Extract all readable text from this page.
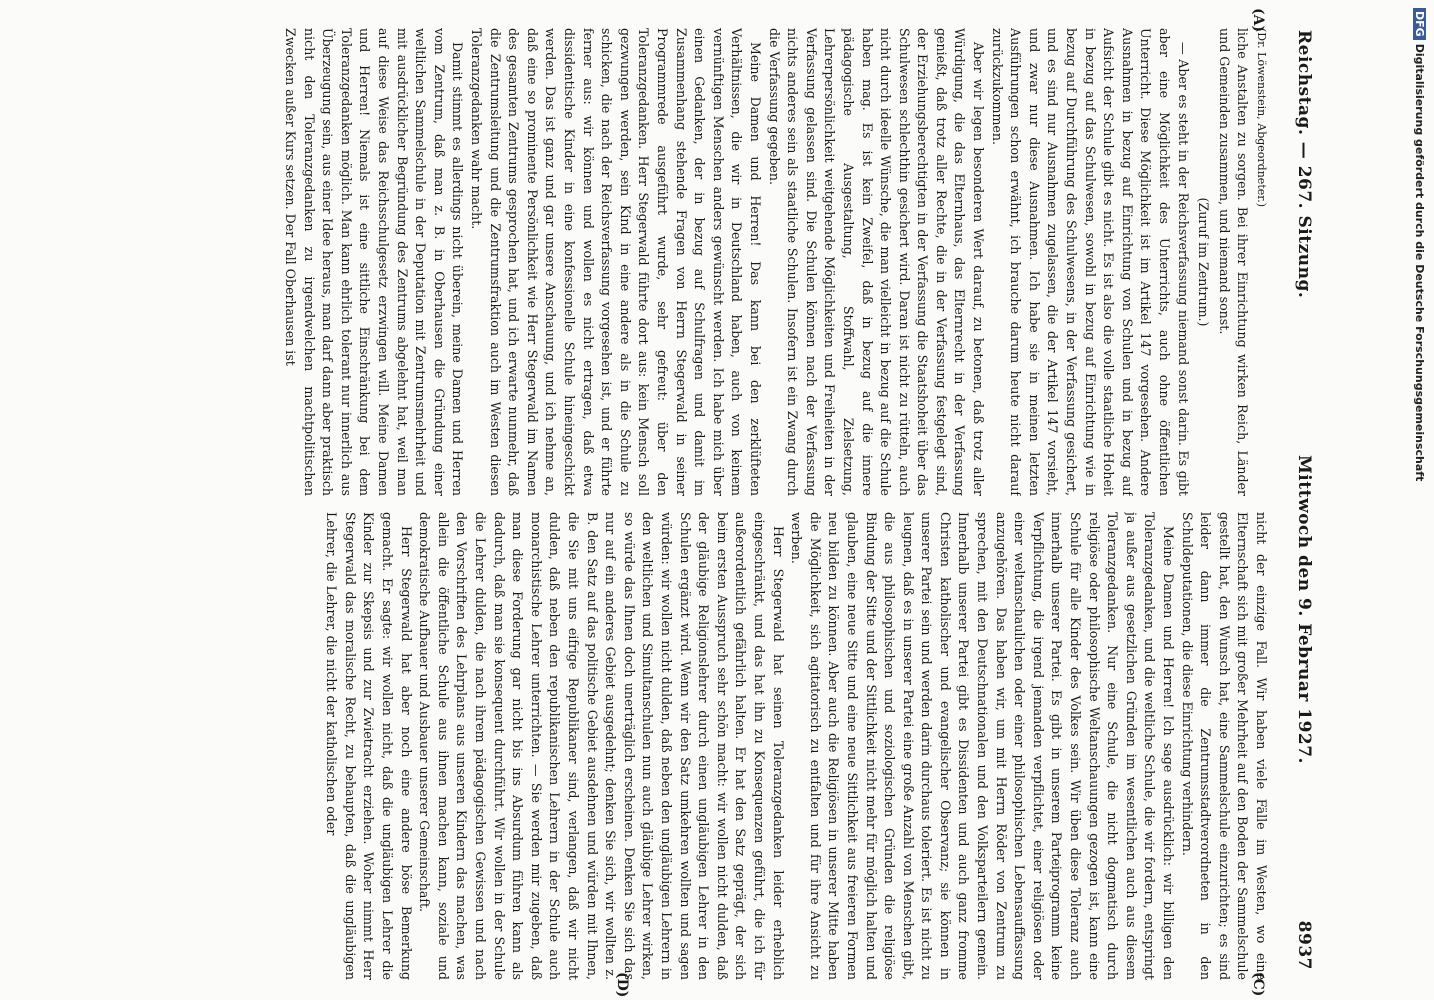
Reichstag. — 267. Sitzung.
Mittwoch den 9. Februar 1927.
8937
(A)
(C)
(D)

(Dr. Löwenstein, Abgeordneter.)

liche Anstalten zu sorgen. Bei ihrer Einrichtung wirken Reich, Länder und Gemeinden zusammen, und niemand sonst.

(Zuruf im Zentrum.)

— Aber es steht in der Reichsverfassung niemand sonst darin. Es gibt aber eine Möglichkeit des Unterrichts, auch ohne öffentlichen Unterricht. Diese Möglichkeit ist im Artikel 147 vorgesehen. Andere Ausnahmen in bezug auf Einrichtung von Schulen und in bezug auf Aufsicht der Schule gibt es nicht. Es ist also die volle staatliche Hoheit in bezug auf das Schulwesen, sowohl in bezug auf Einrichtung wie in bezug auf Durchführung des Schulwesens, in der Verfassung gesichert, und es sind nur Ausnahmen zugelassen, die der Artikel 147 vorsieht, und zwar nur diese Ausnahmen. Ich habe sie in meinen letzten Ausführungen schon erwähnt, ich brauche darum heute nicht darauf zurückzukommen.

Aber wir legen besonderen Wert darauf, zu betonen, daß trotz aller Würdigung, die das Elternhaus, das Elternrecht in der Verfassung genießt, daß trotz aller Rechte, die in der Verfassung festgelegt sind, der Erziehungsberechtigten in der Verfassung die Staatshoheit über das Schulwesen schlechthin gesichert wird. Daran ist nicht zu rütteln, auch nicht durch ideelle Wünsche, die man vielleicht in bezug auf die Schule haben mag. Es ist kein Zweifel, daß in bezug auf die innere pädagogische Ausgestaltung, Stoffwahl, Zielsetzung, Lehrerpersönlichkeit weitgehende Möglichkeiten und Freiheiten in der Verfassung gelassen sind. Die Schulen können nach der Verfassung nichts anderes sein als staatliche Schulen. Insofern ist ein Zwang durch die Verfassung gegeben.

Meine Damen und Herren! Das kann bei den zerklüfteten Verhältnissen, die wir in Deutschland haben, auch von keinem vernünftigen Menschen anders gewünscht werden. Ich habe mich über einen Gedanken, der in bezug auf Schulfragen und damit im Zusammenhang stehende Fragen von Herrn Stegerwald in seiner Programmrede ausgeführt wurde, sehr gefreut: über den Toleranzgedanken. Herr Stegerwald führte dort aus: kein Mensch soll gezwungen werden, sein Kind in eine andere als in die Schule zu schicken, die nach der Reichsverfassung vorgesehen ist, und er führte ferner aus: wir können und wollen es nicht ertragen, daß etwa dissidentische Kinder in eine konfessionelle Schule hineingeschickt werden. Das ist ganz und gar unsere Anschauung, und ich nehme an, daß eine so prominente Persönlichkeit wie Herr Stegerwald im Namen des gesamten Zentrums gesprochen hat, und ich erwarte nunmehr, daß die Zentrumsleitung und die Zentrumsfraktion auch im Westen diesen Toleranzgedanken wahr macht.

Damit stimmt es allerdings nicht überein, meine Damen und Herren vom Zentrum, daß man z. B. in Oberhausen die Gründung einer weltlichen Sammelschule in der Deputation mit Zentrumsmehrheit und mit ausdrücklicher Begründung des Zentrums abgelehnt hat, weil man auf diese Weise das Reichsschulgesetz erzwingen will. Meine Damen und Herren! Niemals ist eine sittliche Einschränkung bei dem Toleranzgedanken möglich. Man kann ehrlich tolerant nur innerlich aus Überzeugung sein, aus einer Idee heraus, man darf dann aber praktisch nicht den Toleranzgedanken zu irgendwelchen machtpolitischen Zwecken außer Kurs setzen. Der Fall Oberhausen ist

nicht der einzige Fall. Wir haben viele Fälle im Westen, wo eine Elternschaft sich mit großer Mehrheit auf den Boden der Sammelschule gestellt hat, den Wunsch hat, eine Sammelschule einzurichten; es sind leider dann immer die Zentrumsstadtverordneten in den Schuldeputationen, die diese Einrichtung verhindern.

Meine Damen und Herren! Ich sage ausdrücklich: wir billigen den Toleranzgedanken, und die weltliche Schule, die wir fordern, entspringt ja außer aus gesetzlichen Gründen im wesentlichen auch aus diesem Toleranzgedanken. Nur eine Schule, die nicht dogmatisch durch religiöse oder philosophische Weltanschauungen gezogen ist, kann eine Schule für alle Kinder des Volkes sein. Wir üben diese Toleranz auch innerhalb unserer Partei. Es gibt in unserem Parteiprogramm keine Verpflichtung, die irgend jemanden verpflichtet, einer religiösen oder einer weltanschaulichen oder einer philosophischen Lebensauffassung anzugehören. Das haben wir, um mit Herrn Röder von Zentrum zu sprechen, mit den Deutschnationalen und den Volksparteilern gemein. Innerhalb unserer Partei gibt es Dissidenten und auch ganz fromme Christen katholischer und evangelischer Observanz; sie können in unserer Partei sein und werden darin durchaus toleriert. Es ist nicht zu leugnen, daß es in unserer Partei eine große Anzahl von Menschen gibt, die aus philosophischen und soziologischen Gründen die religiöse Bindung der Sitte und der Sittlichkeit nicht mehr für möglich halten und glauben, eine neue Sitte und eine neue Sittlichkeit aus freieren Formen neu bilden zu können. Aber auch die Religiösen in unserer Mitte haben die Möglichkeit, sich agitatorisch zu entfalten und für ihre Ansicht zu werben.

Herr Stegerwald hat seinen Toleranzgedanken leider erheblich eingeschränkt, und das hat ihn zu Konsequenzen geführt, die ich für außerordentlich gefährlich halten. Er hat den Satz geprägt, der sich beim ersten Ausspruch sehr schön macht: wir wollen nicht dulden, daß der gläubige Religionslehrer durch einen ungläubigen Lehrer in den Schulen ergänzt wird. Wenn wir den Satz umkehren wollten und sagen würden: wir wollen nicht dulden, daß neben den ungläubigen Lehrern in den weltlichen und Simultanschulen nun auch gläubige Lehrer wirken, so würde das Ihnen doch unerträglich erscheinen. Denken Sie sich das nur auf ein anderes Gebiet ausgedehnt; denken Sie sich, wir wollten z. B. den Satz auf das politische Gebiet ausdehnen und würden mit Ihnen, die Sie mit uns eifrige Republikaner sind, verlangen, daß wir nicht dulden, daß neben den republikanischen Lehrern in der Schule auch monarchistische Lehrer unterrichten. — Sie werden mir zugeben, daß man diese Forderung gar nicht bis ins Absurdum führen kann als dadurch, daß man sie konsequent durchführt. Wir wollen in der Schule die Lehrer dulden, die nach ihrem pädagogischen Gewissen und nach den Vorschriften des Lehrplans aus unseren Kindern das machen, was allein die öffentliche Schule aus ihnen machen kann, soziale und demokratische Aufbauer und Ausbauer unserer Gemeinschaft.

Herr Stegerwald hat aber noch eine andere böse Bemerkung gemacht. Er sagte: wir wollen nicht, daß die ungläubigen Lehrer die Kinder zur Skepsis und zur Zwietracht erziehen. Woher nimmt Herr Stegerwald das moralische Recht, zu behaupten, daß die ungläubigen Lehrer, die Lehrer, die nicht der katholischen oder

DFGDigitalisierung gefördert durch die Deutsche Forschungsgemeinschaft
